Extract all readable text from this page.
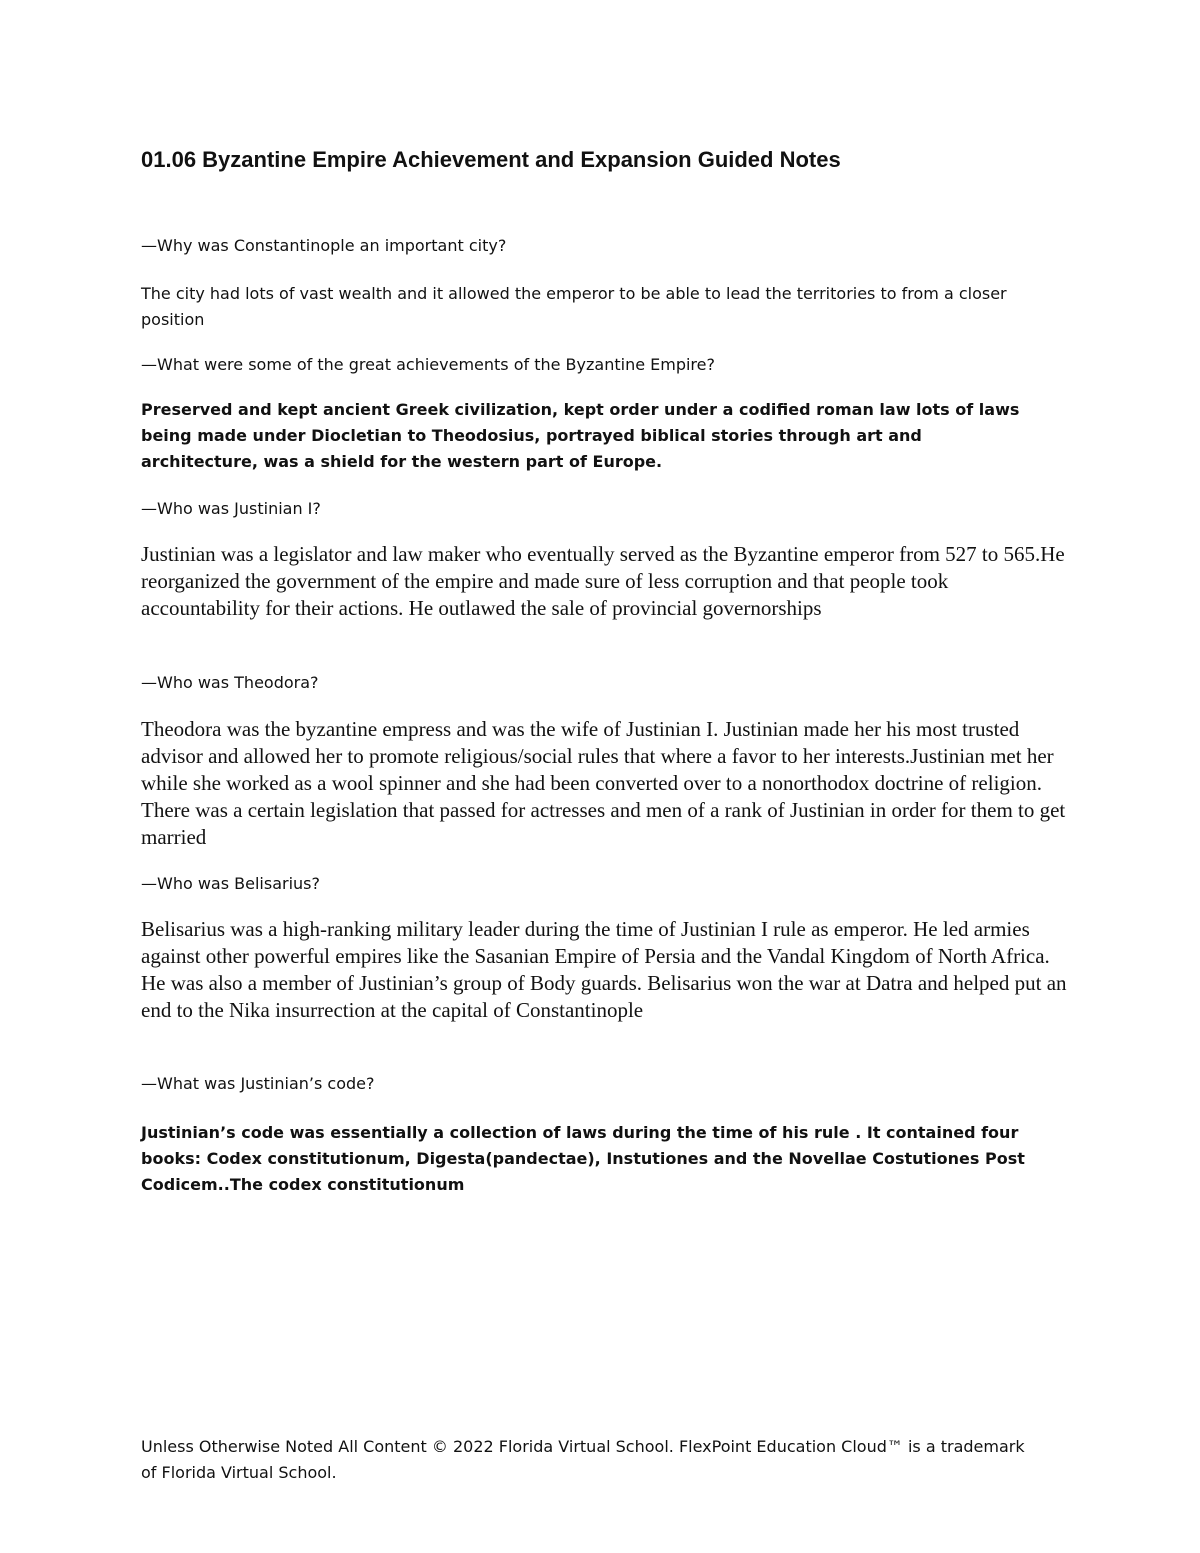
01.06 Byzantine Empire Achievement and Expansion Guided Notes

—Why was Constantinople an important city?

The city had lots of vast wealth and it allowed the emperor to be able to lead the territories to from a closer position

—What were some of the great achievements of the Byzantine Empire?

Preserved and kept ancient Greek civilization, kept order under a codified roman law lots of laws being made under Diocletian to Theodosius, portrayed biblical stories through art and architecture, was a shield for the western part of Europe.

—Who was Justinian I?

Justinian was a legislator and law maker who eventually served as the Byzantine emperor from 527 to 565.He reorganized the government of the empire and made sure of less corruption and that people took accountability for their actions. He outlawed the sale of provincial governorships

—Who was Theodora?

Theodora was the byzantine empress and was the wife of Justinian I. Justinian made her his most trusted advisor and allowed her to promote religious/social rules that where a favor to her interests.Justinian met her while she worked as a wool spinner and she had been converted over to a nonorthodox doctrine of religion. There was a certain legislation that passed for actresses and men of a rank of Justinian in order for them to get married

—Who was Belisarius?

Belisarius was a high-ranking military leader during the time of Justinian I rule as emperor. He led armies against other powerful empires like the Sasanian Empire of Persia and the Vandal Kingdom of North Africa. He was also a member of Justinian’s group of Body guards. Belisarius won the war at Datra and helped put an end to the Nika insurrection at the capital of Constantinople

—What was Justinian’s code?

Justinian’s code was essentially a collection of laws during the time of his rule . It contained four books: Codex constitutionum, Digesta(pandectae), Instutiones and the Novellae Costutiones Post Codicem..The codex constitutionum

Unless Otherwise Noted All Content © 2022 Florida Virtual School. FlexPoint Education Cloud™ is a trademark of Florida Virtual School.
